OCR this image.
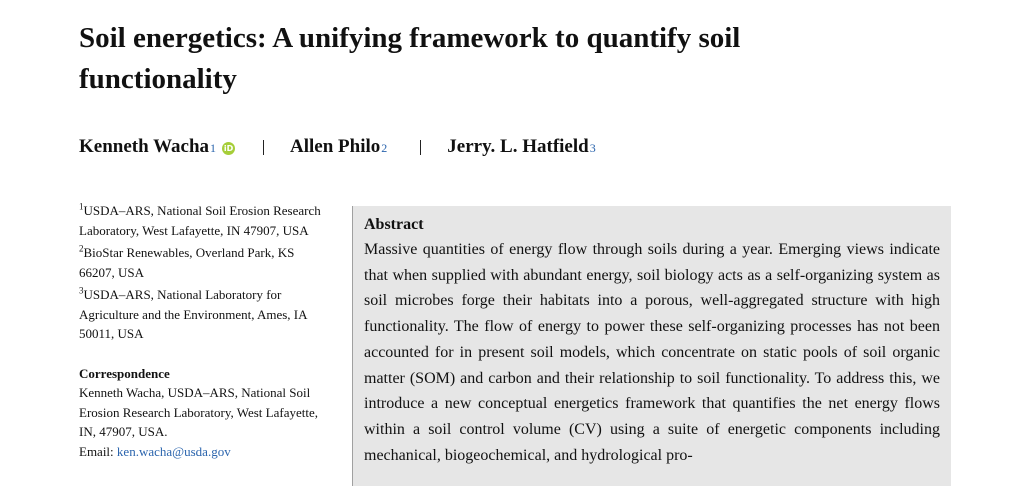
Soil energetics: A unifying framework to quantify soil functionality
Kenneth Wacha 1 iD	Allen Philo 2	Jerry. L. Hatfield 3

$^1$USDA–ARS, National Soil Erosion Research Laboratory, West Lafayette, IN 47907, USA

$^2$BioStar Renewables, Overland Park, KS 66207, USA

$^3$USDA–ARS, National Laboratory for Agriculture and the Environment, Ames, IA 50011, USA

Correspondence

Kenneth Wacha, USDA–ARS, National Soil Erosion Research Laboratory, West Lafayette, IN, 47907, USA.

Email: ken.wacha@usda.gov

Abstract

Massive quantities of energy flow through soils during a year. Emerging views indicate that when supplied with abundant energy, soil biology acts as a self-organizing system as soil microbes forge their habitats into a porous, well-aggregated structure with high functionality. The flow of energy to power these self-organizing processes has not been accounted for in present soil models, which concentrate on static pools of soil organic matter (SOM) and carbon and their relationship to soil functionality. To address this, we introduce a new conceptual energetics framework that quantifies the net energy flows within a soil control volume (CV) using a suite of energetic components including mechanical, biogeochemical, and hydrological pro-
